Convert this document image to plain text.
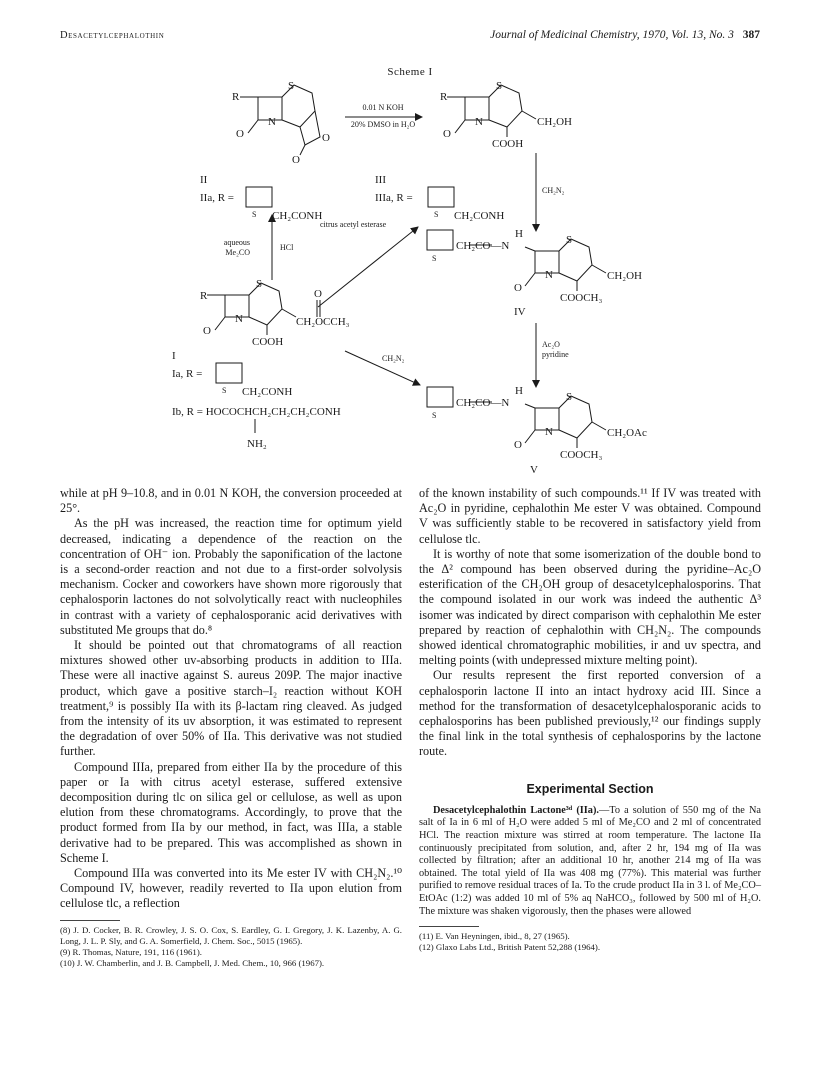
Desacetylcephalothin	Journal of Medicinal Chemistry, 1970, Vol. 13, No. 3 387
Scheme I
R
S
N
O	O
O
II
IIa, R =
S CH₂CONH
0.01 N KOH
20% DMSO in H₂O
R
S
N
O
CH₂OH
COOH
III
IIIa, R =
S CH₂CONH
CH₂N₂
S
CH₂CO—N
H	S
N
O
CH₂OH
COOCH₃
IV
citrus acetyl esterase
aqueous
Me₂CO
HCl
R
S
N
O
O
CH₂OCCH₃
COOH
I
Ia, R =
S CH₂CONH
Ib, R = HOCOCHCH₂CH₂CH₂CONH
NH₂
CH₂N₂
Ac₂O
pyridine
S
CH₂CO—N
H	S
N
O
CH₂OAc
COOCH₃
V

while at pH 9–10.8, and in 0.01 N KOH, the conversion proceeded at 25°.

As the pH was increased, the reaction time for optimum yield decreased, indicating a dependence of the reaction on the concentration of OH⁻ ion. Probably the saponification of the lactone is a second-order reaction and not due to a first-order solvolysis mechanism. Cocker and coworkers have shown more rigorously that cephalosporin lactones do not solvolytically react with nucleophiles in contrast with a variety of cephalosporanic acid derivatives with substituted Me groups that do.⁸

It should be pointed out that chromatograms of all reaction mixtures showed other uv-absorbing products in addition to IIIa. These were all inactive against S. aureus 209P. The major inactive product, which gave a positive starch–I₂ reaction without KOH treatment,⁹ is possibly IIa with its β-lactam ring cleaved. As judged from the intensity of its uv absorption, it was estimated to represent the degradation of over 50% of IIa. This derivative was not studied further.

Compound IIIa, prepared from either IIa by the procedure of this paper or Ia with citrus acetyl esterase, suffered extensive decomposition during tlc on silica gel or cellulose, as well as upon elution from these chromatograms. Accordingly, to prove that the product formed from IIa by our method, in fact, was IIIa, a stable derivative had to be prepared. This was accomplished as shown in Scheme I.

Compound IIIa was converted into its Me ester IV with CH₂N₂.¹⁰ Compound IV, however, readily reverted to IIa upon elution from cellulose tlc, a reflection

(8) J. D. Cocker, B. R. Crowley, J. S. O. Cox, S. Eardley, G. I. Gregory, J. K. Lazenby, A. G. Long, J. L. P. Sly, and G. A. Somerfield, J. Chem. Soc., 5015 (1965).

(9) R. Thomas, Nature, 191, 116 (1961).

(10) J. W. Chamberlin, and J. B. Campbell, J. Med. Chem., 10, 966 (1967).

of the known instability of such compounds.¹¹ If IV was treated with Ac₂O in pyridine, cephalothin Me ester V was obtained. Compound V was sufficiently stable to be recovered in satisfactory yield from cellulose tlc.

It is worthy of note that some isomerization of the double bond to the Δ² compound has been observed during the pyridine–Ac₂O esterification of the CH₂OH group of desacetylcephalosporins. That the compound isolated in our work was indeed the authentic Δ³ isomer was indicated by direct comparison with cephalothin Me ester prepared by reaction of cephalothin with CH₂N₂. The compounds showed identical chromatographic mobilities, ir and uv spectra, and melting points (with undepressed mixture melting point).

Our results represent the first reported conversion of a cephalosporin lactone II into an intact hydroxy acid III. Since a method for the transformation of desacetylcephalosporanic acids to cephalosporins has been published previously,¹² our findings supply the final link in the total synthesis of cephalosporins by the lactone route.

Experimental Section

Desacetylcephalothin Lactone³ᵈ (IIa).—To a solution of 550 mg of the Na salt of Ia in 6 ml of H₂O were added 5 ml of Me₂CO and 2 ml of concentrated HCl. The reaction mixture was stirred at room temperature. The lactone IIa continuously precipitated from solution, and, after 2 hr, 194 mg of IIa was collected by filtration; after an additional 10 hr, another 214 mg of IIa was obtained. The total yield of IIa was 408 mg (77%). This material was further purified to remove residual traces of Ia. To the crude product IIa in 3 l. of Me₂CO–EtOAc (1:2) was added 10 ml of 5% aq NaHCO₃, followed by 500 ml of H₂O. The mixture was shaken vigorously, then the phases were allowed

(11) E. Van Heyningen, ibid., 8, 27 (1965).

(12) Glaxo Labs Ltd., British Patent 52,288 (1964).
